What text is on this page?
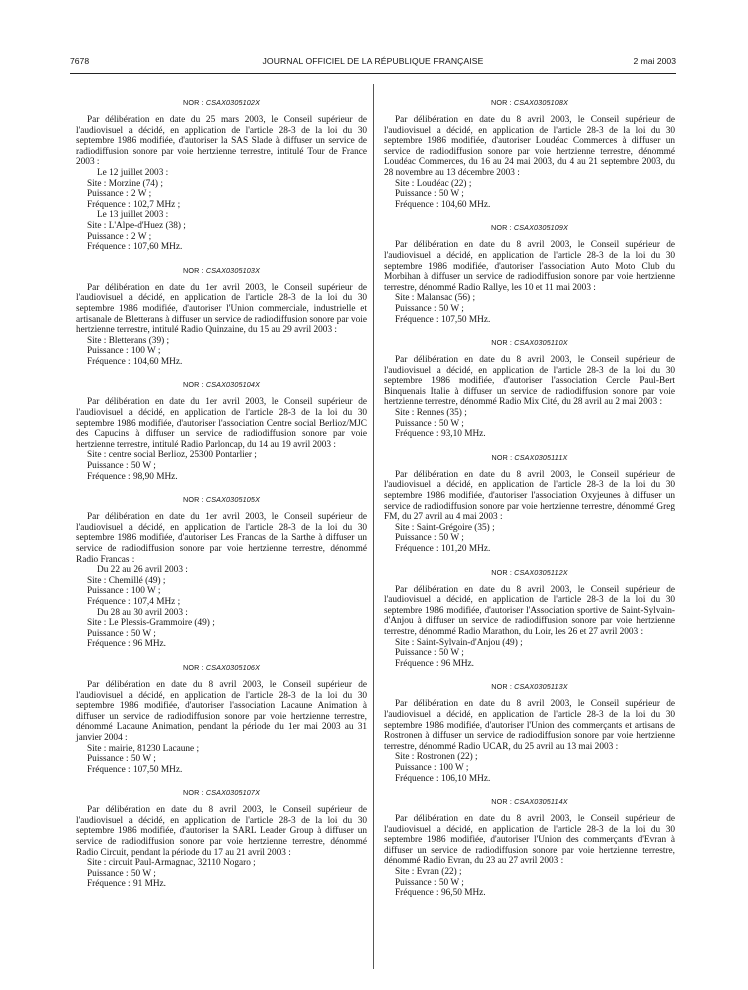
7678	JOURNAL OFFICIEL DE LA RÉPUBLIQUE FRANÇAISE	2 mai 2003
NOR : CSAX0305102X

Par délibération en date du 25 mars 2003, le Conseil supérieur de l'audiovisuel a décidé, en application de l'article 28-3 de la loi du 30 septembre 1986 modifiée, d'autoriser la SAS Slade à diffuser un service de radiodiffusion sonore par voie hertzienne terrestre, intitulé Tour de France 2003 :

Le 12 juillet 2003 :
Site : Morzine (74) ;
Puissance : 2 W ;
Fréquence : 102,7 MHz ;
Le 13 juillet 2003 :
Site : L'Alpe-d'Huez (38) ;
Puissance : 2 W ;
Fréquence : 107,60 MHz.
NOR : CSAX0305103X

Par délibération en date du 1er avril 2003, le Conseil supérieur de l'audiovisuel a décidé, en application de l'article 28-3 de la loi du 30 septembre 1986 modifiée, d'autoriser l'Union commerciale, industrielle et artisanale de Bletterans à diffuser un service de radiodiffusion sonore par voie hertzienne terrestre, intitulé Radio Quinzaine, du 15 au 29 avril 2003 :

Site : Bletterans (39) ;
Puissance : 100 W ;
Fréquence : 104,60 MHz.
NOR : CSAX0305104X

Par délibération en date du 1er avril 2003, le Conseil supérieur de l'audiovisuel a décidé, en application de l'article 28-3 de la loi du 30 septembre 1986 modifiée, d'autoriser l'association Centre social Berlioz/MJC des Capucins à diffuser un service de radiodiffusion sonore par voie hertzienne terrestre, intitulé Radio Parloncap, du 14 au 19 avril 2003 :

Site : centre social Berlioz, 25300 Pontarlier ;
Puissance : 50 W ;
Fréquence : 98,90 MHz.
NOR : CSAX0305105X

Par délibération en date du 1er avril 2003, le Conseil supérieur de l'audiovisuel a décidé, en application de l'article 28-3 de la loi du 30 septembre 1986 modifiée, d'autoriser Les Francas de la Sarthe à diffuser un service de radiodiffusion sonore par voie hertzienne terrestre, dénommé Radio Francas :

Du 22 au 26 avril 2003 :
Site : Chemillé (49) ;
Puissance : 100 W ;
Fréquence : 107,4 MHz ;
Du 28 au 30 avril 2003 :
Site : Le Plessis-Grammoire (49) ;
Puissance : 50 W ;
Fréquence : 96 MHz.
NOR : CSAX0305106X

Par délibération en date du 8 avril 2003, le Conseil supérieur de l'audiovisuel a décidé, en application de l'article 28-3 de la loi du 30 septembre 1986 modifiée, d'autoriser l'association Lacaune Animation à diffuser un service de radiodiffusion sonore par voie hertzienne terrestre, dénommé Lacaune Animation, pendant la période du 1er mai 2003 au 31 janvier 2004 :

Site : mairie, 81230 Lacaune ;
Puissance : 50 W ;
Fréquence : 107,50 MHz.
NOR : CSAX0305107X

Par délibération en date du 8 avril 2003, le Conseil supérieur de l'audiovisuel a décidé, en application de l'article 28-3 de la loi du 30 septembre 1986 modifiée, d'autoriser la SARL Leader Group à diffuser un service de radiodiffusion sonore par voie hertzienne terrestre, dénommé Radio Circuit, pendant la période du 17 au 21 avril 2003 :

Site : circuit Paul-Armagnac, 32110 Nogaro ;
Puissance : 50 W ;
Fréquence : 91 MHz.
NOR : CSAX0305108X

Par délibération en date du 8 avril 2003, le Conseil supérieur de l'audiovisuel a décidé, en application de l'article 28-3 de la loi du 30 septembre 1986 modifiée, d'autoriser Loudéac Commerces à diffuser un service de radiodiffusion sonore par voie hertzienne terrestre, dénommé Loudéac Commerces, du 16 au 24 mai 2003, du 4 au 21 septembre 2003, du 28 novembre au 13 décembre 2003 :

Site : Loudéac (22) ;
Puissance : 50 W ;
Fréquence : 104,60 MHz.
NOR : CSAX0305109X

Par délibération en date du 8 avril 2003, le Conseil supérieur de l'audiovisuel a décidé, en application de l'article 28-3 de la loi du 30 septembre 1986 modifiée, d'autoriser l'association Auto Moto Club du Morbihan à diffuser un service de radiodiffusion sonore par voie hertzienne terrestre, dénommé Radio Rallye, les 10 et 11 mai 2003 :

Site : Malansac (56) ;
Puissance : 50 W ;
Fréquence : 107,50 MHz.
NOR : CSAX0305110X

Par délibération en date du 8 avril 2003, le Conseil supérieur de l'audiovisuel a décidé, en application de l'article 28-3 de la loi du 30 septembre 1986 modifiée, d'autoriser l'association Cercle Paul-Bert Binquenais Italie à diffuser un service de radiodiffusion sonore par voie hertzienne terrestre, dénommé Radio Mix Cité, du 28 avril au 2 mai 2003 :

Site : Rennes (35) ;
Puissance : 50 W ;
Fréquence : 93,10 MHz.
NOR : CSAX0305111X

Par délibération en date du 8 avril 2003, le Conseil supérieur de l'audiovisuel a décidé, en application de l'article 28-3 de la loi du 30 septembre 1986 modifiée, d'autoriser l'association Oxyjeunes à diffuser un service de radiodiffusion sonore par voie hertzienne terrestre, dénommé Greg FM, du 27 avril au 4 mai 2003 :

Site : Saint-Grégoire (35) ;
Puissance : 50 W ;
Fréquence : 101,20 MHz.
NOR : CSAX0305112X

Par délibération en date du 8 avril 2003, le Conseil supérieur de l'audiovisuel a décidé, en application de l'article 28-3 de la loi du 30 septembre 1986 modifiée, d'autoriser l'Association sportive de Saint-Sylvain-d'Anjou à diffuser un service de radiodiffusion sonore par voie hertzienne terrestre, dénommé Radio Marathon, du Loir, les 26 et 27 avril 2003 :

Site : Saint-Sylvain-d'Anjou (49) ;
Puissance : 50 W ;
Fréquence : 96 MHz.
NOR : CSAX0305113X

Par délibération en date du 8 avril 2003, le Conseil supérieur de l'audiovisuel a décidé, en application de l'article 28-3 de la loi du 30 septembre 1986 modifiée, d'autoriser l'Union des commerçants et artisans de Rostronen à diffuser un service de radiodiffusion sonore par voie hertzienne terrestre, dénommé Radio UCAR, du 25 avril au 13 mai 2003 :

Site : Rostronen (22) ;
Puissance : 100 W ;
Fréquence : 106,10 MHz.
NOR : CSAX0305114X

Par délibération en date du 8 avril 2003, le Conseil supérieur de l'audiovisuel a décidé, en application de l'article 28-3 de la loi du 30 septembre 1986 modifiée, d'autoriser l'Union des commerçants d'Evran à diffuser un service de radiodiffusion sonore par voie hertzienne terrestre, dénommé Radio Evran, du 23 au 27 avril 2003 :

Site : Evran (22) ;
Puissance : 50 W ;
Fréquence : 96,50 MHz.
